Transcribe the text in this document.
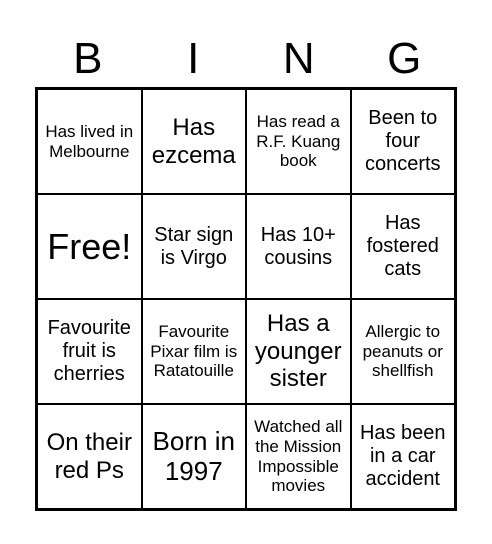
B	I	N	G
Has lived in Melbourne
Has ezcema
Has read a R.F. Kuang book
Been to four concerts
Free!	Star sign is Virgo
Has 10+ cousins
Has fostered cats
Favourite fruit is cherries
Favourite Pixar film is Ratatouille
Has a younger sister
Allergic to peanuts or shellfish
On their red Ps
Born in 1997
Watched all the Mission Impossible movies
Has been in a car accident
